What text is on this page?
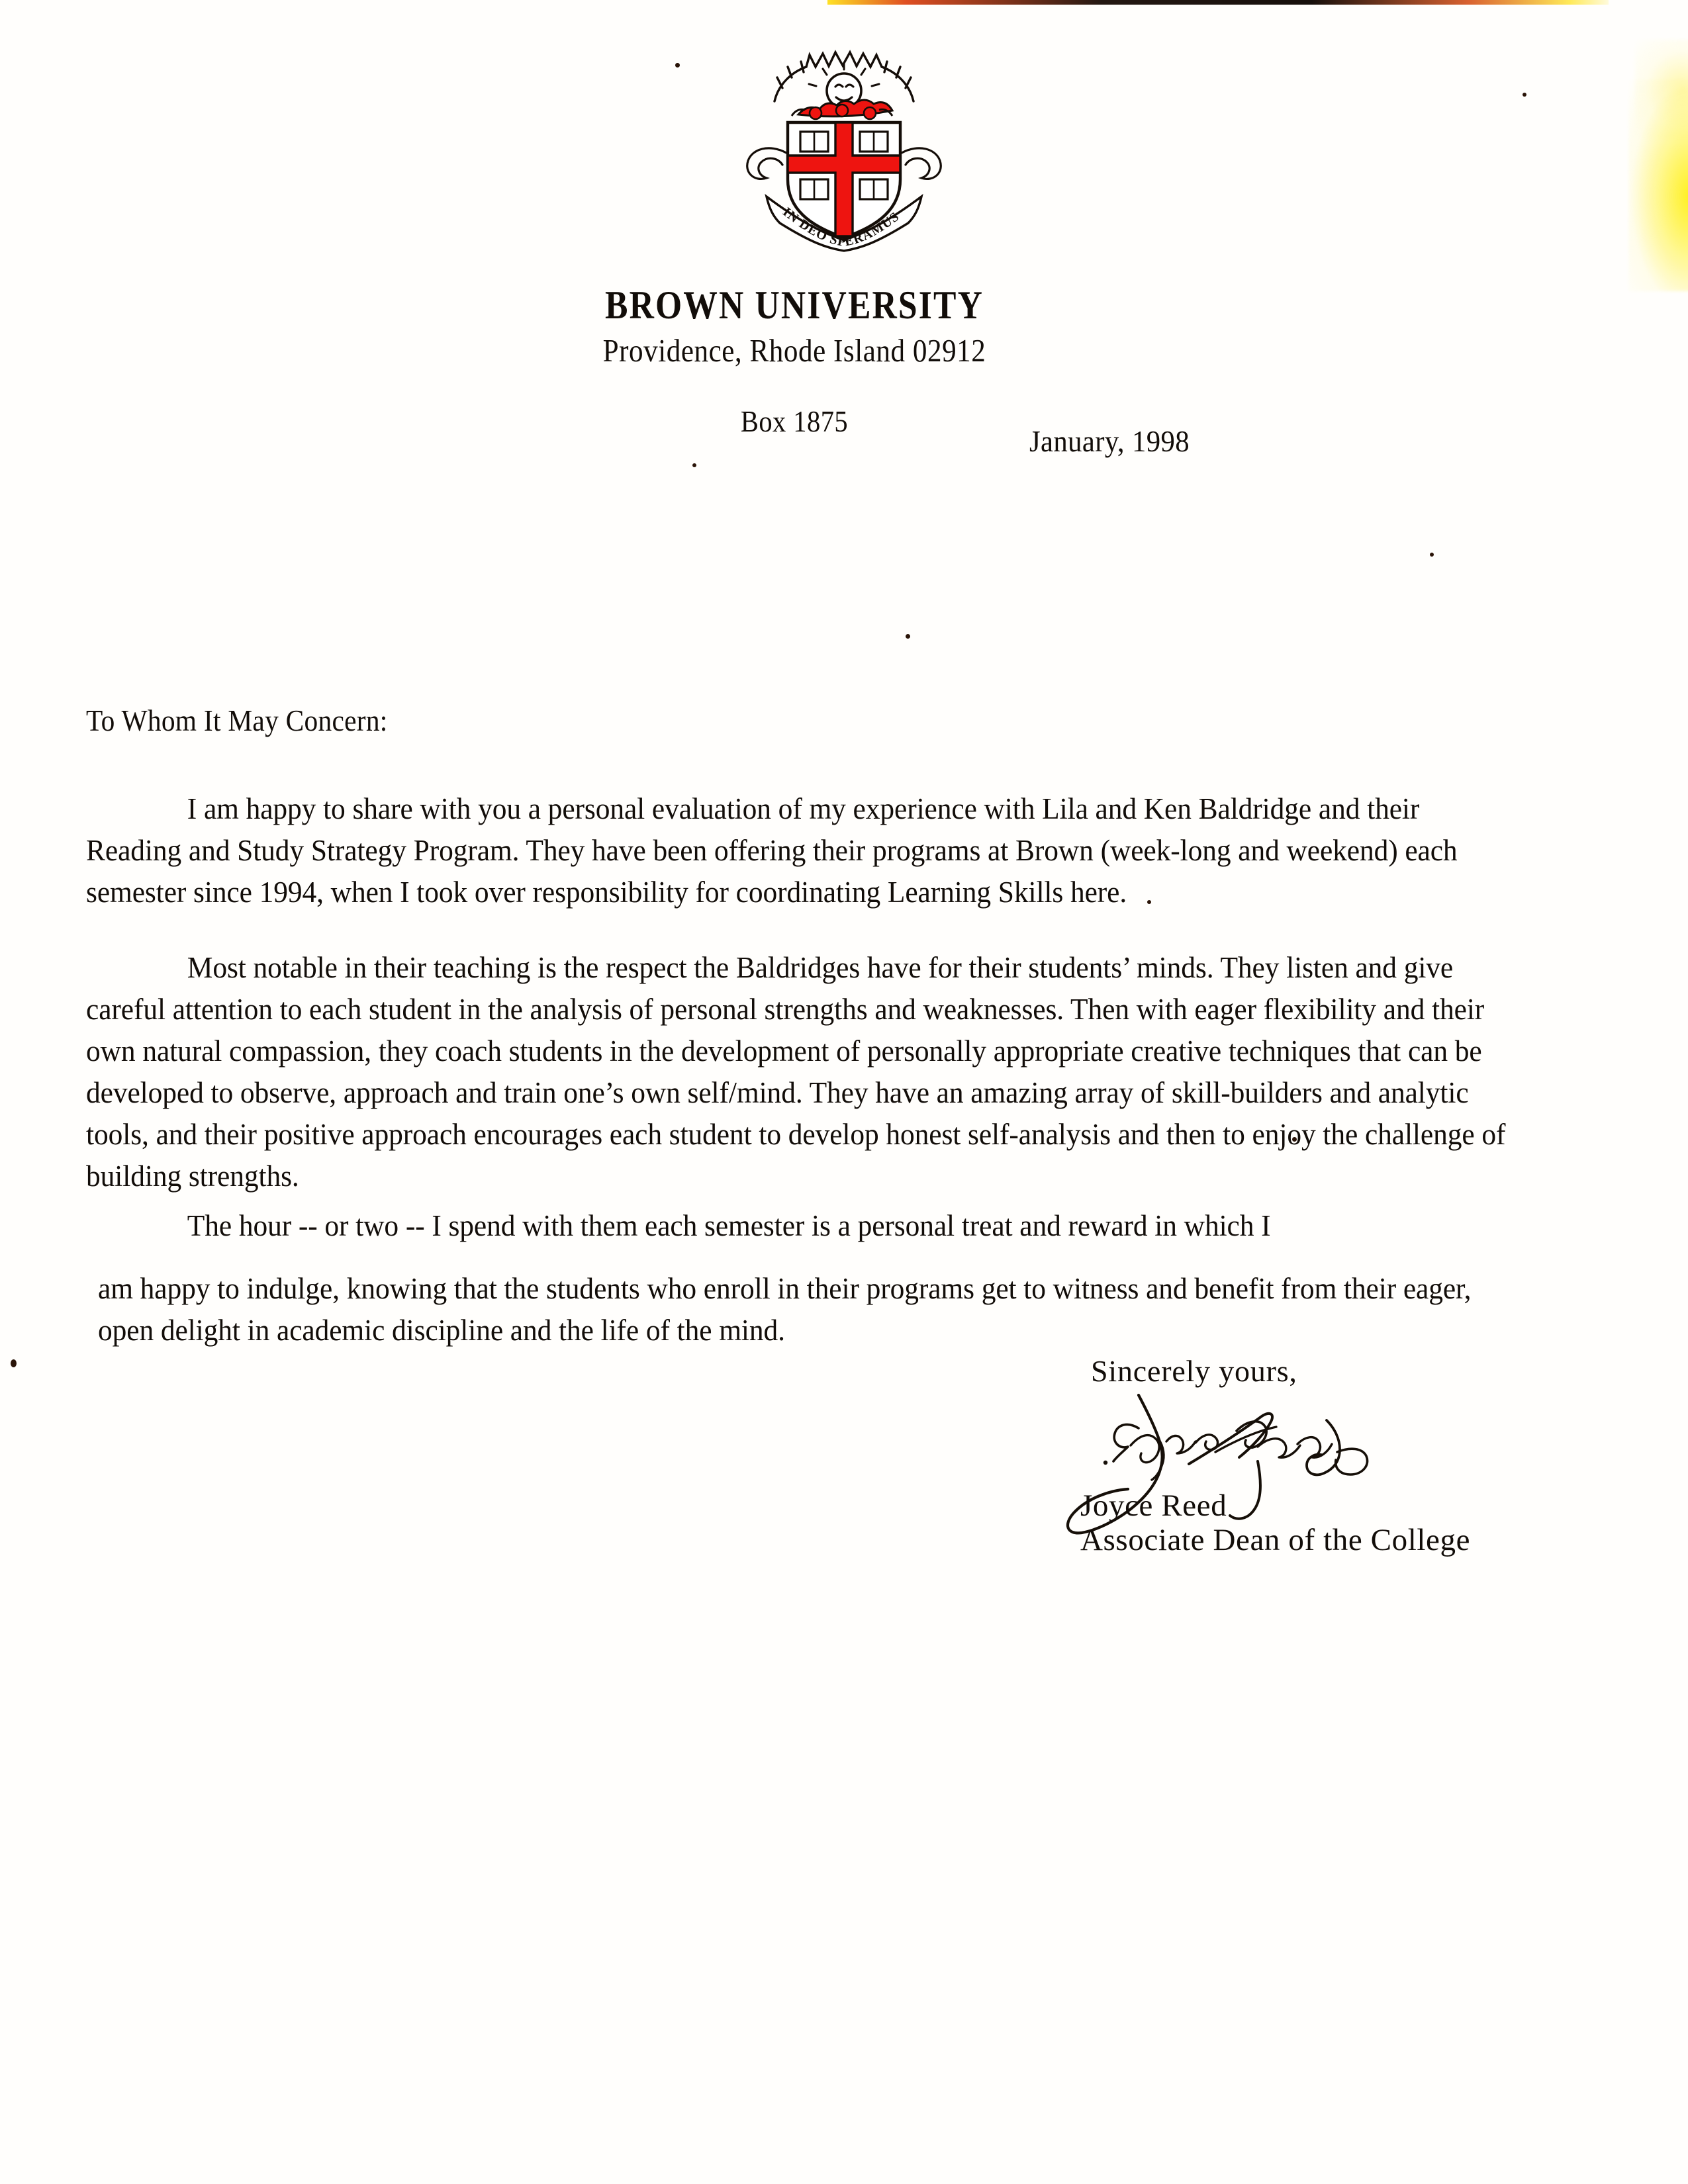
IN DEO SPERAMUS
BROWN UNIVERSITY
Providence, Rhode Island 02912
Box 1875
January, 1998
To Whom It May Concern:
I am happy to share with you a personal evaluation of my experience with Lila and Ken Baldridge and their Reading and Study Strategy Program. They have been offering their programs at Brown (week-long and weekend) each semester since 1994, when I took over responsibility for coordinating Learning Skills here.
Most notable in their teaching is the respect the Baldridges have for their students’ minds. They listen and give careful attention to each student in the analysis of personal strengths and weaknesses. Then with eager flexibility and their own natural compassion, they coach students in the development of personally appropriate creative techniques that can be developed to observe, approach and train one’s own self/mind. They have an amazing array of skill-builders and analytic tools, and their positive approach encourages each student to develop honest self-analysis and then to enjoy the challenge of building strengths.
The hour -- or two -- I spend with them each semester is a personal treat and reward in which I
am happy to indulge, knowing that the students who enroll in their programs get to witness and benefit from their eager, open delight in academic discipline and the life of the mind.
Sincerely yours,
Joyce Reed
Associate Dean of the College
